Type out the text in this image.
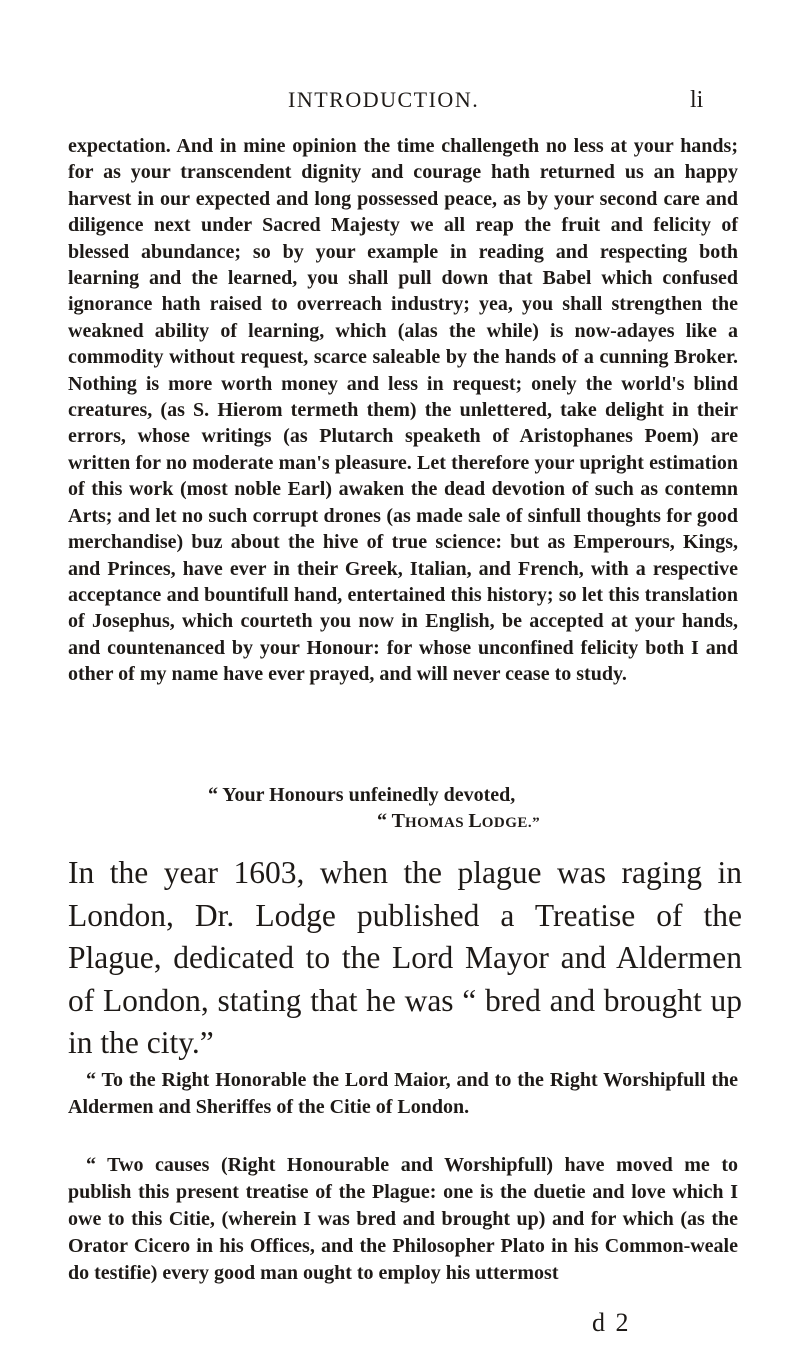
INTRODUCTION.	li

expectation. And in mine opinion the time challengeth no less at your hands; for as your transcendent dignity and courage hath returned us an happy harvest in our expected and long possessed peace, as by your second care and diligence next under Sacred Majesty we all reap the fruit and felicity of blessed abundance; so by your example in reading and respecting both learning and the learned, you shall pull down that Babel which confused ignorance hath raised to overreach industry; yea, you shall strengthen the weakned ability of learning, which (alas the while) is now-adayes like a commodity without request, scarce saleable by the hands of a cunning Broker. Nothing is more worth money and less in request; onely the world's blind creatures, (as S. Hierom termeth them) the unlettered, take delight in their errors, whose writings (as Plutarch speaketh of Aristophanes Poem) are written for no moderate man's pleasure. Let therefore your upright estimation of this work (most noble Earl) awaken the dead devotion of such as contemn Arts; and let no such corrupt drones (as made sale of sinfull thoughts for good merchandise) buz about the hive of true science: but as Emperours, Kings, and Princes, have ever in their Greek, Italian, and French, with a respective acceptance and bountifull hand, entertained this history; so let this translation of Josephus, which courteth you now in English, be accepted at your hands, and countenanced by your Honour: for whose unconfined felicity both I and other of my name have ever prayed, and will never cease to study.

“ Your Honours unfeinedly devoted,
“ THOMAS LODGE.”

In the year 1603, when the plague was raging in London, Dr. Lodge published a Treatise of the Plague, dedicated to the Lord Mayor and Aldermen of London, stating that he was “ bred and brought up in the city.”

“ To the Right Honorable the Lord Maior, and to the Right Worshipfull the Aldermen and Sheriffes of the Citie of London.

“ Two causes (Right Honourable and Worshipfull) have moved me to publish this present treatise of the Plague: one is the duetie and love which I owe to this Citie, (wherein I was bred and brought up) and for which (as the Orator Cicero in his Offices, and the Philosopher Plato in his Common-weale do testifie) every good man ought to employ his uttermost

d 2
